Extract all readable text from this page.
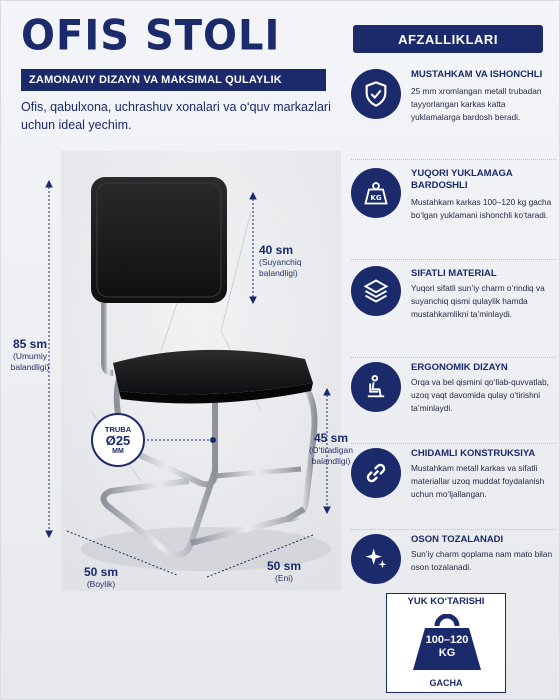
OFIS STOLI
ZAMONAVIY DIZAYN VA MAKSIMAL QULAYLIK
Ofis, qabulxona, uchrashuv xonalari va o‘quv markazlari uchun ideal yechim.
85 sm
(Umumiy balandligi)
40 sm
(Suyanchiq balandligi)
45 sm
(O‘tiradigan balandligi)
50 sm
(Boylik)
50 sm
(Eni)
TRUBA
Ø25
MM
AFZALLIKLARI
MUSTAHKAM VA ISHONCHLI
25 mm xromlangan metall trubadan tayyorlangan karkas katta yuklamalarga bardosh beradi.
KG
YUQORI YUKLAMAGA BARDOSHLI
Mustahkam karkas 100–120 kg gacha bo‘lgan yuklamani ishonchli ko‘taradi.
SIFATLI MATERIAL
Yuqori sifatli sun’iy charm o‘rindiq va suyanchiq qismi qulaylik hamda mustahkamlikni ta’minlaydi.
ERGONOMIK DIZAYN
Orqa va bel qismini qo‘llab-quvvatlab, uzoq vaqt davomida qulay o‘tirishni ta’minlaydi.
CHIDAMLI KONSTRUKSIYA
Mustahkam metall karkas va sifatli materiallar uzoq muddat foydalanish uchun mo‘ljallangan.
OSON TOZALANADI
Sun’iy charm qoplama nam mato bilan oson tozalanadi.
YUK KO‘TARISHI
100–120
KG
GACHA
